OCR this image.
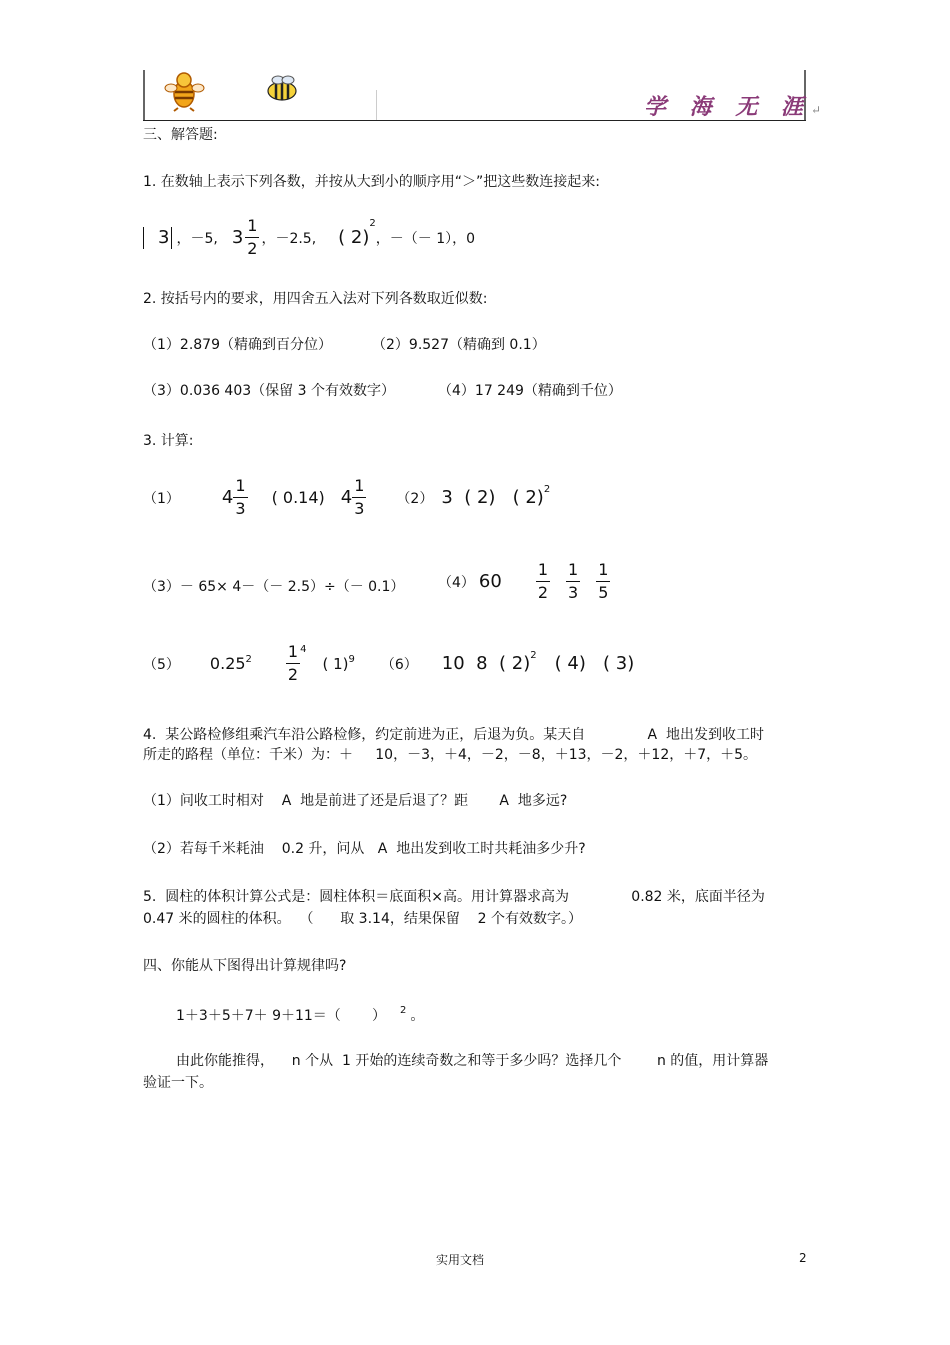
学 海 无 涯↵
三、解答题:
1. 在数轴上表示下列各数，并按从大到小的顺序用“＞”把这些数连接起来:
3 ，－5, $3 \frac{1}{2}$ ，－2.5, ( 2)
2
，－（－ 1），0
2. 按括号内的要求，用四舍五入法对下列各数取近似数:
（1）2.879（精确到百分位）	（2）9.527（精确到 0.1）
（3）0.036 403（保留 3 个有效数字）	（4）17 249（精确到千位）
3. 计算:
（1） $4 \frac{1}{3}$ ( 0.14) $4 \frac{1}{3} (2)$ 3  ( 2)   ( 2) 2
（3）－ 65× 4－（－ 2.5）÷（－ 0.1） （4） $60 \frac{1}{2} \frac{1}{3} \frac{1}{5}$
（5） 0.25 $2 \frac{1}{2} 4$
( 1) 9 （6） 10  8  ( 2) 2 ( 4)   ( 3)
4.  某公路检修组乘汽车沿公路检修，约定前进为正，后退为负。某天自              A  地出发到收工时
所走的路程（单位：千米）为：＋     10，－3，＋4，－2，－8，＋13，－2，＋12，＋7，＋5。
（1）问收工时相对    A  地是前进了还是后退了？距       A  地多远?
（2）若每千米耗油    0.2 升，问从   A  地出发到收工时共耗油多少升?
5.  圆柱的体积计算公式是：圆柱体积＝底面积×高。用计算器求高为              0.82 米，底面半径为
0.47 米的圆柱的体积。  （      取 3.14，结果保留    2 个有效数字。）
四、你能从下图得出计算规律吗?
1＋3＋5＋7＋ 9＋11＝（       ） 2 。
由此你能推得，    n 个从  1 开始的连续奇数之和等于多少吗？选择几个        n 的值，用计算器
验证一下。
实用文档	2
